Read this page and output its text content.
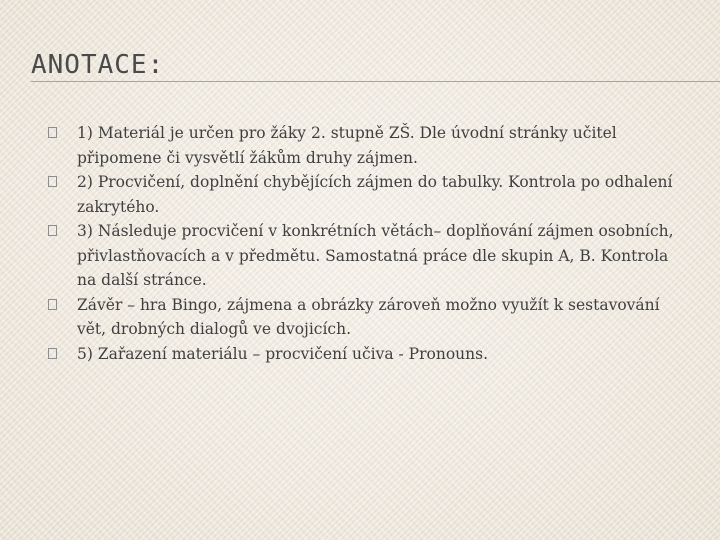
ANOTACE:
1) Materiál je určen pro žáky 2. stupně ZŠ. Dle úvodní stránky učitel připomene či vysvětlí žákům druhy zájmen.
2) Procvičení, doplnění chybějících zájmen do tabulky. Kontrola po odhalení zakrytého.
3) Následuje procvičení v konkrétních větách– doplňování zájmen osobních, přivlastňovacích a v předmětu. Samostatná práce dle skupin A, B. Kontrola na další stránce.
Závěr – hra Bingo, zájmena a obrázky zároveň možno využít k sestavování vět, drobných dialogů ve dvojicích.
5) Zařazení materiálu – procvičení učiva - Pronouns.
